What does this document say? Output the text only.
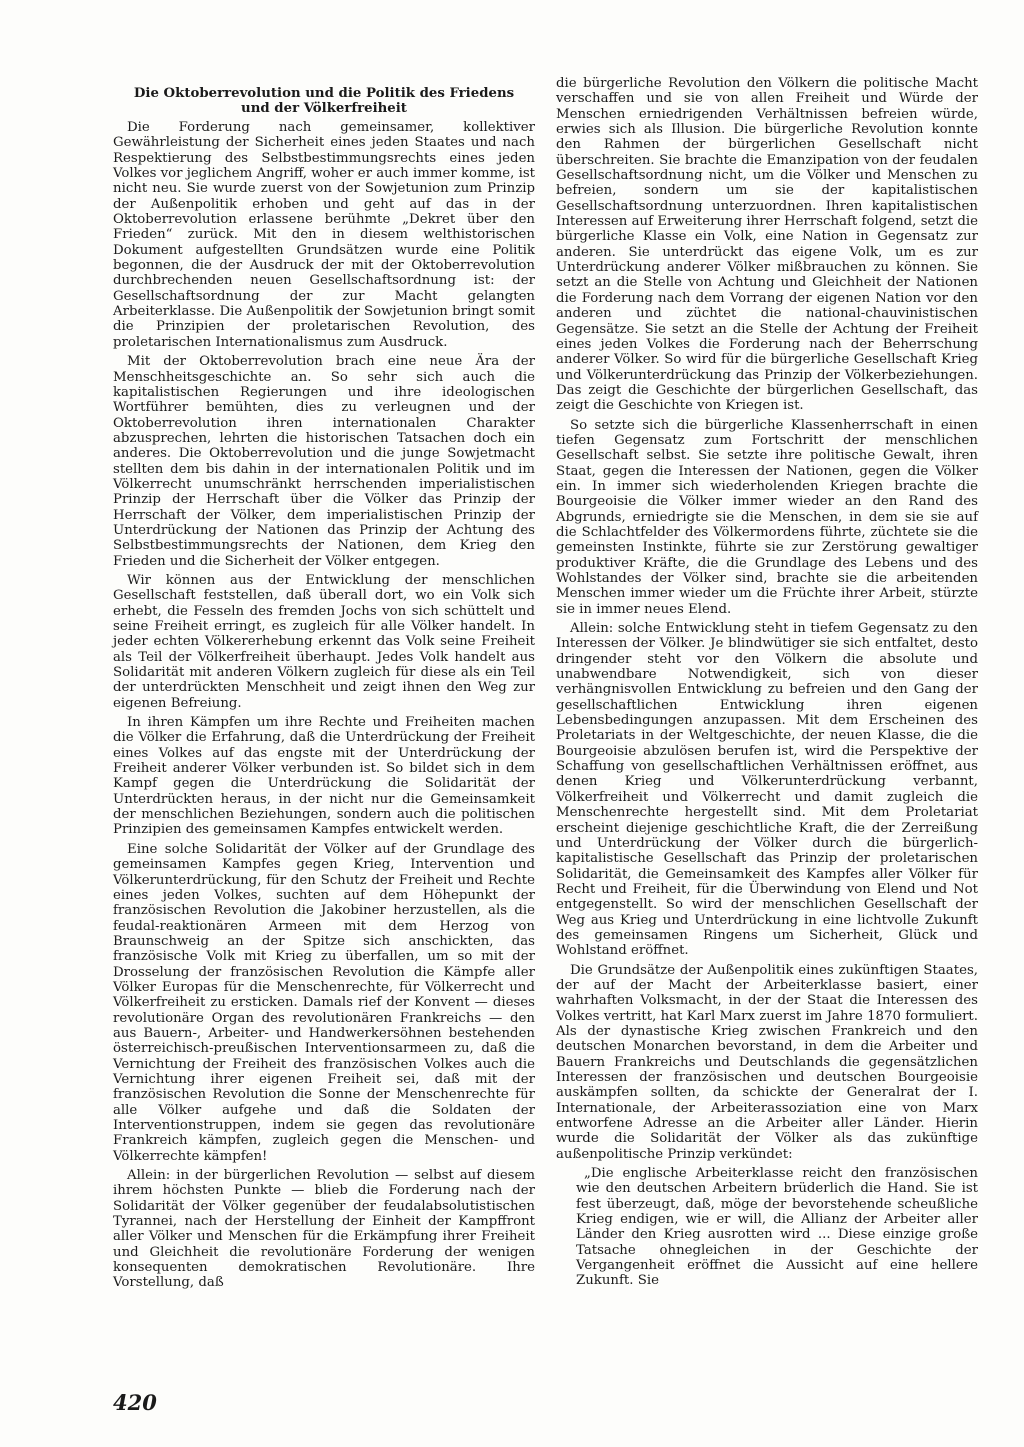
Die Oktoberrevolution und die Politik des Friedens
und der Völkerfreiheit

Die Forderung nach gemeinsamer, kollektiver Gewährleistung der Sicherheit eines jeden Staates und nach Respektierung des Selbstbestimmungsrechts eines jeden Volkes vor jeglichem Angriff, woher er auch immer komme, ist nicht neu. Sie wurde zuerst von der Sowjetunion zum Prinzip der Außenpolitik erhoben und geht auf das in der Oktoberrevolution erlassene berühmte „Dekret über den Frieden“ zurück. Mit den in diesem welthistorischen Dokument aufgestellten Grundsätzen wurde eine Politik begonnen, die der Ausdruck der mit der Oktoberrevolution durchbrechenden neuen Gesellschaftsordnung ist: der Gesellschaftsordnung der zur Macht gelangten Arbeiterklasse. Die Außenpolitik der Sowjetunion bringt somit die Prinzipien der proletarischen Revolution, des proletarischen Internationalismus zum Ausdruck.

Mit der Oktoberrevolution brach eine neue Ära der Menschheitsgeschichte an. So sehr sich auch die kapitalistischen Regierungen und ihre ideologischen Wortführer bemühten, dies zu verleugnen und der Oktoberrevolution ihren internationalen Charakter abzusprechen, lehrten die historischen Tatsachen doch ein anderes. Die Oktoberrevolution und die junge Sowjetmacht stellten dem bis dahin in der internationalen Politik und im Völkerrecht unumschränkt herrschenden imperialistischen Prinzip der Herrschaft über die Völker das Prinzip der Herrschaft der Völker, dem imperialistischen Prinzip der Unterdrückung der Nationen das Prinzip der Achtung des Selbstbestimmungsrechts der Nationen, dem Krieg den Frieden und die Sicherheit der Völker entgegen.

Wir können aus der Entwicklung der menschlichen Gesellschaft feststellen, daß überall dort, wo ein Volk sich erhebt, die Fesseln des fremden Jochs von sich schüttelt und seine Freiheit erringt, es zugleich für alle Völker handelt. In jeder echten Völkererhebung erkennt das Volk seine Freiheit als Teil der Völkerfreiheit überhaupt. Jedes Volk handelt aus Solidarität mit anderen Völkern zugleich für diese als ein Teil der unterdrückten Menschheit und zeigt ihnen den Weg zur eigenen Befreiung.

In ihren Kämpfen um ihre Rechte und Freiheiten machen die Völker die Erfahrung, daß die Unterdrückung der Freiheit eines Volkes auf das engste mit der Unterdrückung der Freiheit anderer Völker verbunden ist. So bildet sich in dem Kampf gegen die Unterdrückung die Solidarität der Unterdrückten heraus, in der nicht nur die Gemeinsamkeit der menschlichen Beziehungen, sondern auch die politischen Prinzipien des gemeinsamen Kampfes entwickelt werden.

Eine solche Solidarität der Völker auf der Grundlage des gemeinsamen Kampfes gegen Krieg, Intervention und Völkerunterdrückung, für den Schutz der Freiheit und Rechte eines jeden Volkes, suchten auf dem Höhepunkt der französischen Revolution die Jakobiner herzustellen, als die feudal-reaktionären Armeen mit dem Herzog von Braunschweig an der Spitze sich anschickten, das französische Volk mit Krieg zu überfallen, um so mit der Drosselung der französischen Revolution die Kämpfe aller Völker Europas für die Menschenrechte, für Völkerrecht und Völkerfreiheit zu ersticken. Damals rief der Konvent — dieses revolutionäre Organ des revolutionären Frankreichs — den aus Bauern-, Arbeiter- und Handwerkersöhnen bestehenden österreichisch-preußischen Interventionsarmeen zu, daß die Vernichtung der Freiheit des französischen Volkes auch die Vernichtung ihrer eigenen Freiheit sei, daß mit der französischen Revolution die Sonne der Menschenrechte für alle Völker aufgehe und daß die Soldaten der Interventionstruppen, indem sie gegen das revolutionäre Frankreich kämpfen, zugleich gegen die Menschen- und Völkerrechte kämpfen!

Allein: in der bürgerlichen Revolution — selbst auf diesem ihrem höchsten Punkte — blieb die Forderung nach der Solidarität der Völker gegenüber der feudalabsolutistischen Tyrannei, nach der Herstellung der Einheit der Kampffront aller Völker und Menschen für die Erkämpfung ihrer Freiheit und Gleichheit die revolutionäre Forderung der wenigen konsequenten demokratischen Revolutionäre. Ihre Vorstellung, daß

die bürgerliche Revolution den Völkern die politische Macht verschaffen und sie von allen Freiheit und Würde der Menschen erniedrigenden Verhältnissen befreien würde, erwies sich als Illusion. Die bürgerliche Revolution konnte den Rahmen der bürgerlichen Gesellschaft nicht überschreiten. Sie brachte die Emanzipation von der feudalen Gesellschaftsordnung nicht, um die Völker und Menschen zu befreien, sondern um sie der kapitalistischen Gesellschaftsordnung unterzuordnen. Ihren kapitalistischen Interessen auf Erweiterung ihrer Herrschaft folgend, setzt die bürgerliche Klasse ein Volk, eine Nation in Gegensatz zur anderen. Sie unterdrückt das eigene Volk, um es zur Unterdrückung anderer Völker mißbrauchen zu können. Sie setzt an die Stelle von Achtung und Gleichheit der Nationen die Forderung nach dem Vorrang der eigenen Nation vor den anderen und züchtet die national-chauvinistischen Gegensätze. Sie setzt an die Stelle der Achtung der Freiheit eines jeden Volkes die Forderung nach der Beherrschung anderer Völker. So wird für die bürgerliche Gesellschaft Krieg und Völkerunterdrückung das Prinzip der Völkerbeziehungen. Das zeigt die Geschichte der bürgerlichen Gesellschaft, das zeigt die Geschichte von Kriegen ist.

So setzte sich die bürgerliche Klassenherrschaft in einen tiefen Gegensatz zum Fortschritt der menschlichen Gesellschaft selbst. Sie setzte ihre politische Gewalt, ihren Staat, gegen die Interessen der Nationen, gegen die Völker ein. In immer sich wiederholenden Kriegen brachte die Bourgeoisie die Völker immer wieder an den Rand des Abgrunds, erniedrigte sie die Menschen, in dem sie sie auf die Schlachtfelder des Völkermordens führte, züchtete sie die gemeinsten Instinkte, führte sie zur Zerstörung gewaltiger produktiver Kräfte, die die Grundlage des Lebens und des Wohlstandes der Völker sind, brachte sie die arbeitenden Menschen immer wieder um die Früchte ihrer Arbeit, stürzte sie in immer neues Elend.

Allein: solche Entwicklung steht in tiefem Gegensatz zu den Interessen der Völker. Je blindwütiger sie sich entfaltet, desto dringender steht vor den Völkern die absolute und unabwendbare Notwendigkeit, sich von dieser verhängnisvollen Entwicklung zu befreien und den Gang der gesellschaftlichen Entwicklung ihren eigenen Lebensbedingungen anzupassen. Mit dem Erscheinen des Proletariats in der Weltgeschichte, der neuen Klasse, die die Bourgeoisie abzulösen berufen ist, wird die Perspektive der Schaffung von gesellschaftlichen Verhältnissen eröffnet, aus denen Krieg und Völkerunterdrückung verbannt, Völkerfreiheit und Völkerrecht und damit zugleich die Menschenrechte hergestellt sind. Mit dem Proletariat erscheint diejenige geschichtliche Kraft, die der Zerreißung und Unterdrückung der Völker durch die bürgerlich-kapitalistische Gesellschaft das Prinzip der proletarischen Solidarität, die Gemeinsamkeit des Kampfes aller Völker für Recht und Freiheit, für die Überwindung von Elend und Not entgegenstellt. So wird der menschlichen Gesellschaft der Weg aus Krieg und Unterdrückung in eine lichtvolle Zukunft des gemeinsamen Ringens um Sicherheit, Glück und Wohlstand eröffnet.

Die Grundsätze der Außenpolitik eines zukünftigen Staates, der auf der Macht der Arbeiterklasse basiert, einer wahrhaften Volksmacht, in der der Staat die Interessen des Volkes vertritt, hat Karl Marx zuerst im Jahre 1870 formuliert. Als der dynastische Krieg zwischen Frankreich und den deutschen Monarchen bevorstand, in dem die Arbeiter und Bauern Frankreichs und Deutschlands die gegensätzlichen Interessen der französischen und deutschen Bourgeoisie auskämpfen sollten, da schickte der Generalrat der I. Internationale, der Arbeiterassoziation eine von Marx entworfene Adresse an die Arbeiter aller Länder. Hierin wurde die Solidarität der Völker als das zukünftige außenpolitische Prinzip verkündet:

„Die englische Arbeiterklasse reicht den französischen wie den deutschen Arbeitern brüderlich die Hand. Sie ist fest überzeugt, daß, möge der bevorstehende scheußliche Krieg endigen, wie er will, die Allianz der Arbeiter aller Länder den Krieg ausrotten wird ... Diese einzige große Tatsache ohnegleichen in der Geschichte der Vergangenheit eröffnet die Aussicht auf eine hellere Zukunft. Sie

420
